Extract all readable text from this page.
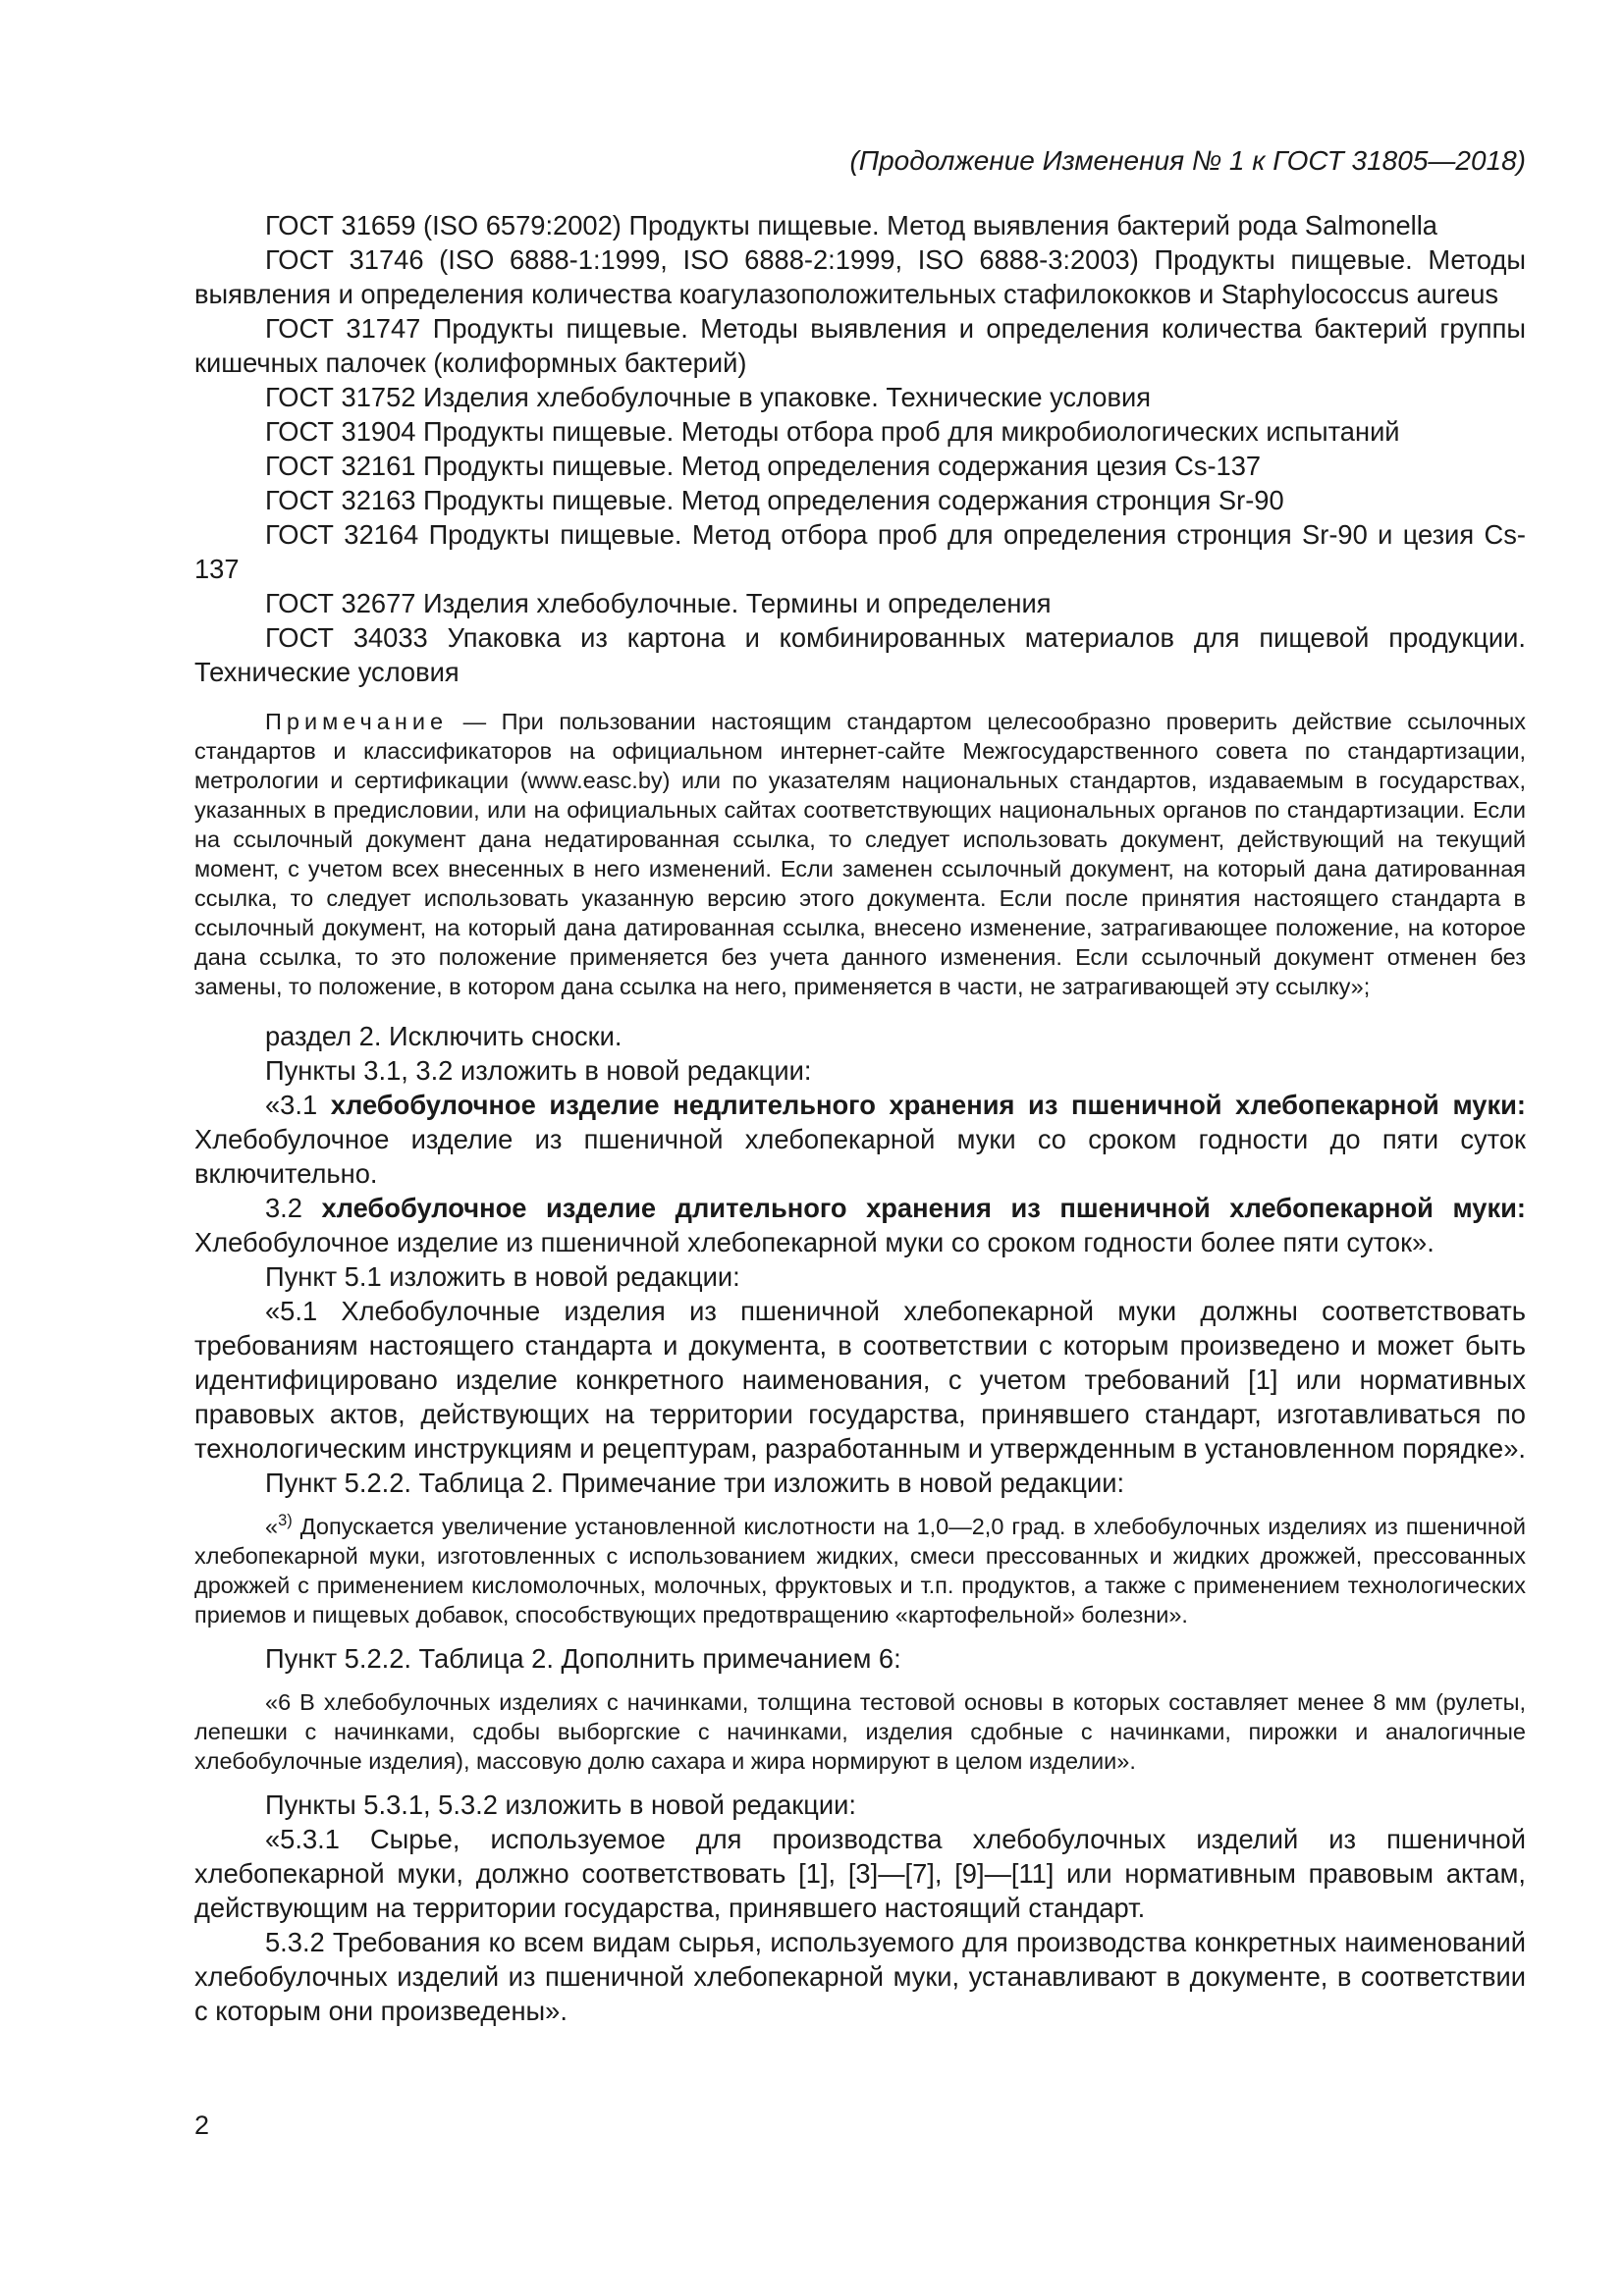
(Продолжение Изменения № 1 к ГОСТ 31805—2018)

ГОСТ 31659 (ISO 6579:2002) Продукты пищевые. Метод выявления бактерий рода Salmonella

ГОСТ 31746 (ISO 6888-1:1999, ISO 6888-2:1999, ISO 6888-3:2003) Продукты пищевые. Методы выявления и определения количества коагулазоположительных стафилококков и Staphylococcus aureus

ГОСТ 31747 Продукты пищевые. Методы выявления и определения количества бактерий группы кишечных палочек (колиформных бактерий)

ГОСТ 31752 Изделия хлебобулочные в упаковке. Технические условия

ГОСТ 31904 Продукты пищевые. Методы отбора проб для микробиологических испытаний

ГОСТ 32161 Продукты пищевые. Метод определения содержания цезия Cs-137

ГОСТ 32163 Продукты пищевые. Метод определения содержания стронция Sr-90

ГОСТ 32164 Продукты пищевые. Метод отбора проб для определения стронция Sr-90 и цезия Cs-137

ГОСТ 32677 Изделия хлебобулочные. Термины и определения

ГОСТ 34033 Упаковка из картона и комбинированных материалов для пищевой продукции. Технические условия

Примечание — При пользовании настоящим стандартом целесообразно проверить действие ссылочных стандартов и классификаторов на официальном интернет-сайте Межгосударственного совета по стандартизации, метрологии и сертификации (www.easc.by) или по указателям национальных стандартов, издаваемым в государствах, указанных в предисловии, или на официальных сайтах соответствующих национальных органов по стандартизации. Если на ссылочный документ дана недатированная ссылка, то следует использовать документ, действующий на текущий момент, с учетом всех внесенных в него изменений. Если заменен ссылочный документ, на который дана датированная ссылка, то следует использовать указанную версию этого документа. Если после принятия настоящего стандарта в ссылочный документ, на который дана датированная ссылка, внесено изменение, затрагивающее положение, на которое дана ссылка, то это положение применяется без учета данного изменения. Если ссылочный документ отменен без замены, то положение, в котором дана ссылка на него, применяется в части, не затрагивающей эту ссылку»;

раздел 2. Исключить сноски.

Пункты 3.1, 3.2 изложить в новой редакции:

«3.1 хлебобулочное изделие недлительного хранения из пшеничной хлебопекарной муки: Хлебобулочное изделие из пшеничной хлебопекарной муки со сроком годности до пяти суток включительно.

3.2 хлебобулочное изделие длительного хранения из пшеничной хлебопекарной муки: Хлебобулочное изделие из пшеничной хлебопекарной муки со сроком годности более пяти суток».

Пункт 5.1 изложить в новой редакции:

«5.1 Хлебобулочные изделия из пшеничной хлебопекарной муки должны соответствовать требованиям настоящего стандарта и документа, в соответствии с которым произведено и может быть идентифицировано изделие конкретного наименования, с учетом требований [1] или нормативных правовых актов, действующих на территории государства, принявшего стандарт, изготавливаться по технологическим инструкциям и рецептурам, разработанным и утвержденным в установленном порядке».

Пункт 5.2.2. Таблица 2. Примечание три изложить в новой редакции:

«$^{3)}$ Допускается увеличение установленной кислотности на 1,0—2,0 град. в хлебобулочных изделиях из пшеничной хлебопекарной муки, изготовленных с использованием жидких, смеси прессованных и жидких дрожжей, прессованных дрожжей с применением кисломолочных, молочных, фруктовых и т.п. продуктов, а также с применением технологических приемов и пищевых добавок, способствующих предотвращению «картофельной» болезни».

Пункт 5.2.2. Таблица 2. Дополнить примечанием 6:

«6 В хлебобулочных изделиях с начинками, толщина тестовой основы в которых составляет менее 8 мм (рулеты, лепешки с начинками, сдобы выборгские с начинками, изделия сдобные с начинками, пирожки и аналогичные хлебобулочные изделия), массовую долю сахара и жира нормируют в целом изделии».

Пункты 5.3.1, 5.3.2 изложить в новой редакции:

«5.3.1 Сырье, используемое для производства хлебобулочных изделий из пшеничной хлебопекарной муки, должно соответствовать [1], [3]—[7], [9]—[11] или нормативным правовым актам, действующим на территории государства, принявшего настоящий стандарт.

5.3.2 Требования ко всем видам сырья, используемого для производства конкретных наименований хлебобулочных изделий из пшеничной хлебопекарной муки, устанавливают в документе, в соответствии с которым они произведены».

2
